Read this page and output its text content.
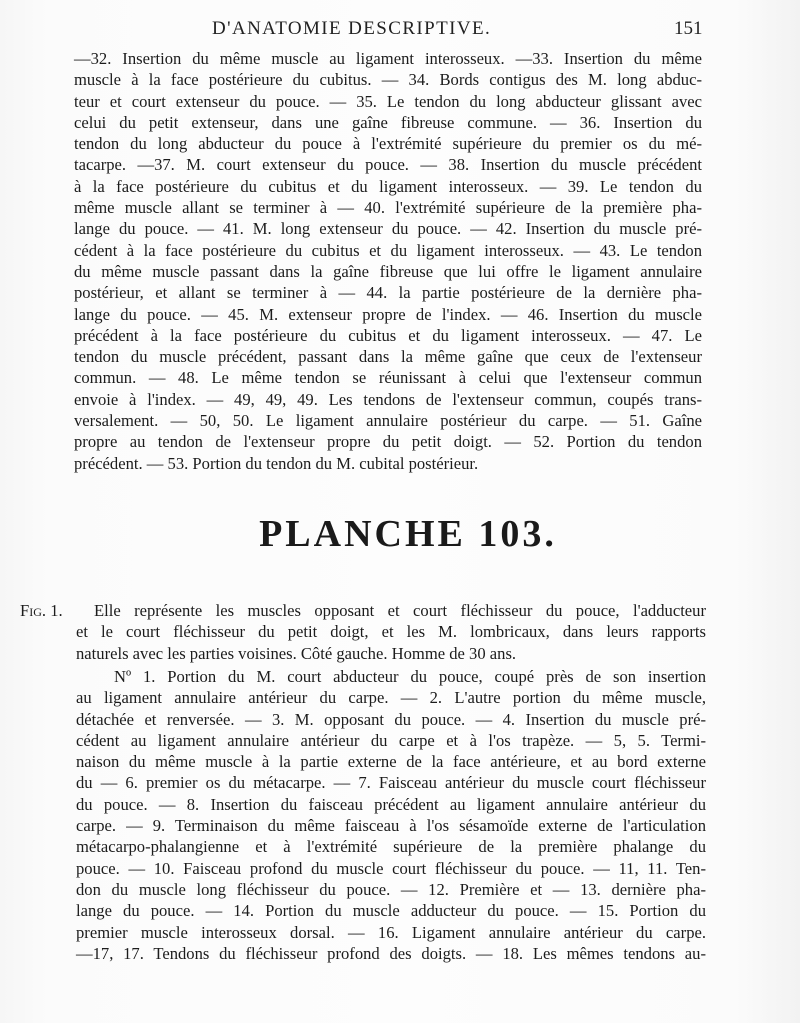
D'ANATOMIE DESCRIPTIVE.	151
—32. Insertion du même muscle au ligament interosseux. —33. Insertion du même
muscle à la face postérieure du cubitus. — 34. Bords contigus des M. long abduc-
teur et court extenseur du pouce. — 35. Le tendon du long abducteur glissant avec
celui du petit extenseur, dans une gaîne fibreuse commune. — 36. Insertion du
tendon du long abducteur du pouce à l'extrémité supérieure du premier os du mé-
tacarpe. —37. M. court extenseur du pouce. — 38. Insertion du muscle précédent
à la face postérieure du cubitus et du ligament interosseux. — 39. Le tendon du
même muscle allant se terminer à — 40. l'extrémité supérieure de la première pha-
lange du pouce. — 41. M. long extenseur du pouce. — 42. Insertion du muscle pré-
cédent à la face postérieure du cubitus et du ligament interosseux. — 43. Le tendon
du même muscle passant dans la gaîne fibreuse que lui offre le ligament annulaire
postérieur, et allant se terminer à — 44. la partie postérieure de la dernière pha-
lange du pouce. — 45. M. extenseur propre de l'index. — 46. Insertion du muscle
précédent à la face postérieure du cubitus et du ligament interosseux. — 47. Le
tendon du muscle précédent, passant dans la même gaîne que ceux de l'extenseur
commun. — 48. Le même tendon se réunissant à celui que l'extenseur commun
envoie à l'index. — 49, 49, 49. Les tendons de l'extenseur commun, coupés trans-
versalement. — 50, 50. Le ligament annulaire postérieur du carpe. — 51. Gaîne
propre au tendon de l'extenseur propre du petit doigt. — 52. Portion du tendon
précédent. — 53. Portion du tendon du M. cubital postérieur.
PLANCHE 103.
Fig. 1.	Elle représente les muscles opposant et court fléchisseur du pouce, l'adducteur
et le court fléchisseur du petit doigt, et les M. lombricaux, dans leurs rapports
naturels avec les parties voisines. Côté gauche. Homme de 30 ans.
Nº 1. Portion du M. court abducteur du pouce, coupé près de son insertion
au ligament annulaire antérieur du carpe. — 2. L'autre portion du même muscle,
détachée et renversée. — 3. M. opposant du pouce. — 4. Insertion du muscle pré-
cédent au ligament annulaire antérieur du carpe et à l'os trapèze. — 5, 5. Termi-
naison du même muscle à la partie externe de la face antérieure, et au bord externe
du — 6. premier os du métacarpe. — 7. Faisceau antérieur du muscle court fléchisseur
du pouce. — 8. Insertion du faisceau précédent au ligament annulaire antérieur du
carpe. — 9. Terminaison du même faisceau à l'os sésamoïde externe de l'articulation
métacarpo-phalangienne et à l'extrémité supérieure de la première phalange du
pouce. — 10. Faisceau profond du muscle court fléchisseur du pouce. — 11, 11. Ten-
don du muscle long fléchisseur du pouce. — 12. Première et — 13. dernière pha-
lange du pouce. — 14. Portion du muscle adducteur du pouce. — 15. Portion du
premier muscle interosseux dorsal. — 16. Ligament annulaire antérieur du carpe.
—17, 17. Tendons du fléchisseur profond des doigts. — 18. Les mêmes tendons au-
